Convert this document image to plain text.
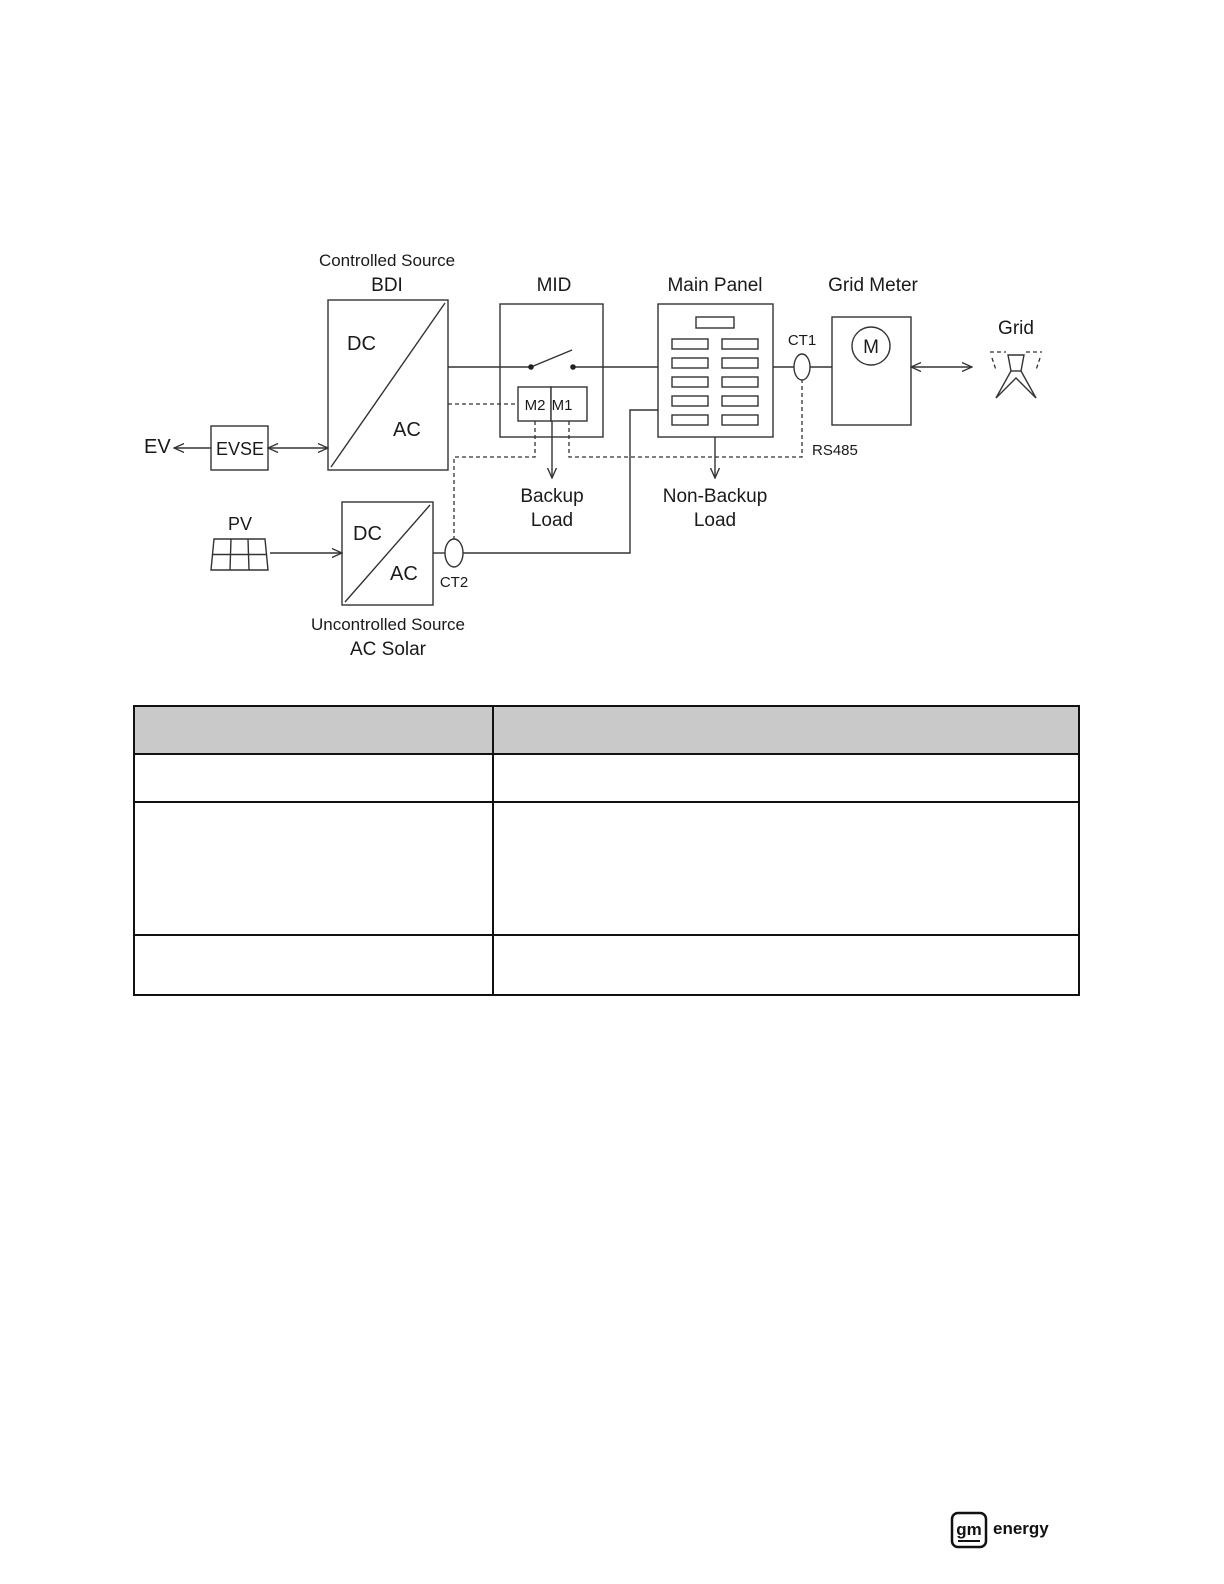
Controlled Source
BDI
DC
AC
MID
M2 M1
Main Panel	Grid Meter
M
Grid
EV	EVSE
Backup
Load
Non-Backup
Load
PV	DC
AC
Uncontrolled Source
AC Solar
CT1
CT2
RS485

gm energy
